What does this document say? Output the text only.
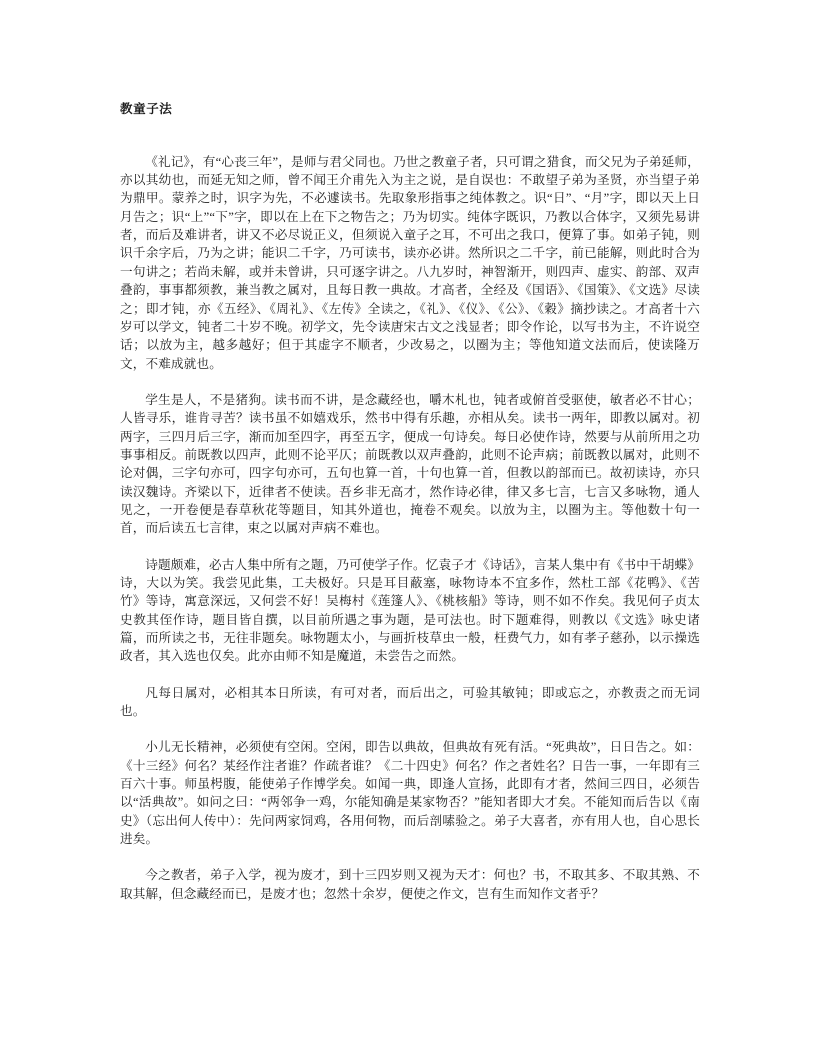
教童子法

《礼记》，有“心丧三年”，是师与君父同也。乃世之教童子者，只可谓之猎食，而父兄为子弟延师，亦以其幼也，而延无知之师，曾不闻王介甫先入为主之说，是自误也：不敢望子弟为圣贤，亦当望子弟为鼎甲。蒙养之时，识字为先，不必遽读书。先取象形指事之纯体教之。识“日”、“月”字，即以天上日月告之；识“上”“下”字，即以在上在下之物告之；乃为切实。纯体字既识，乃教以合体字，又须先易讲者，而后及难讲者，讲又不必尽说正义，但须说入童子之耳，不可出之我口，便算了事。如弟子钝，则识千余字后，乃为之讲；能识二千字，乃可读书，读亦必讲。然所识之二千字，前已能解，则此时合为一句讲之；若尚未解，或并未曾讲，只可逐字讲之。八九岁时，神智渐开，则四声、虚实、韵部、双声叠韵，事事都须教，兼当教之属对，且每日教一典故。才高者，全经及《国语》、《国策》、《文选》尽读之；即才钝，亦《五经》、《周礼》、《左传》全读之，《礼》、《仪》、《公》、《穀》摘抄读之。才高者十六岁可以学文，钝者二十岁不晚。初学文，先令读唐宋古文之浅显者；即令作论，以写书为主，不许说空话；以放为主，越多越好；但于其虚字不顺者，少改易之，以圈为主；等他知道文法而后，使读隆万文，不难成就也。

学生是人，不是猪狗。读书而不讲，是念藏经也，嚼木札也，钝者或俯首受驱使，敏者必不甘心；人皆寻乐，谁肯寻苦？读书虽不如嬉戏乐，然书中得有乐趣，亦相从矣。读书一两年，即教以属对。初两字，三四月后三字，渐而加至四字，再至五字，便成一句诗矣。每日必使作诗，然要与从前所用之功事事相反。前既教以四声，此则不论平仄；前既教以双声叠韵，此则不论声病；前既教以属对，此则不论对偶，三字句亦可，四字句亦可，五句也算一首，十句也算一首，但教以韵部而已。故初读诗，亦只读汉魏诗。齐梁以下，近律者不使读。吾乡非无高才，然作诗必律，律又多七言，七言又多咏物，通人见之，一开卷便是春草秋花等题目，知其外道也，掩卷不观矣。以放为主，以圈为主。等他数十句一首，而后读五七言律，束之以属对声病不难也。

诗题颇难，必古人集中所有之题，乃可使学子作。忆袁子才《诗话》，言某人集中有《书中干胡蝶》诗，大以为笑。我尝见此集，工夫极好。只是耳目蔽塞，咏物诗本不宜多作，然杜工部《花鸭》、《苦竹》等诗，寓意深远，又何尝不好！吴梅村《莲篷人》、《桃核船》等诗，则不如不作矣。我见何子贞太史教其侄作诗，题目皆自撰，以目前所遇之事为题，是可法也。时下题难得，则教以《文选》咏史诸篇，而所读之书，无往非题矣。咏物题太小，与画折枝草虫一般，枉费气力，如有孝子慈孙，以示操选政者，其入选也仅矣。此亦由师不知是魔道，未尝告之而然。

凡每日属对，必相其本日所读，有可对者，而后出之，可验其敏钝；即或忘之，亦教责之而无词也。

小儿无长精神，必须使有空闲。空闲，即告以典故，但典故有死有活。“死典故”，日日告之。如：《十三经》何名？某经作注者谁？作疏者谁？《二十四史》何名？作之者姓名？日告一事，一年即有三百六十事。师虽枵腹，能使弟子作博学矣。如闻一典，即逢人宣扬，此即有才者，然间三四日，必须告以“活典故”。如问之曰：“两邻争一鸡，尔能知确是某家物否？”能知者即大才矣。不能知而后告以《南史》（忘出何人传中）：先问两家饲鸡，各用何物，而后剖嗉验之。弟子大喜者，亦有用人也，自心思长进矣。

今之教者，弟子入学，视为废才，到十三四岁则又视为天才：何也？书，不取其多、不取其熟、不取其解，但念藏经而已，是废才也；忽然十余岁，便使之作文，岂有生而知作文者乎？
